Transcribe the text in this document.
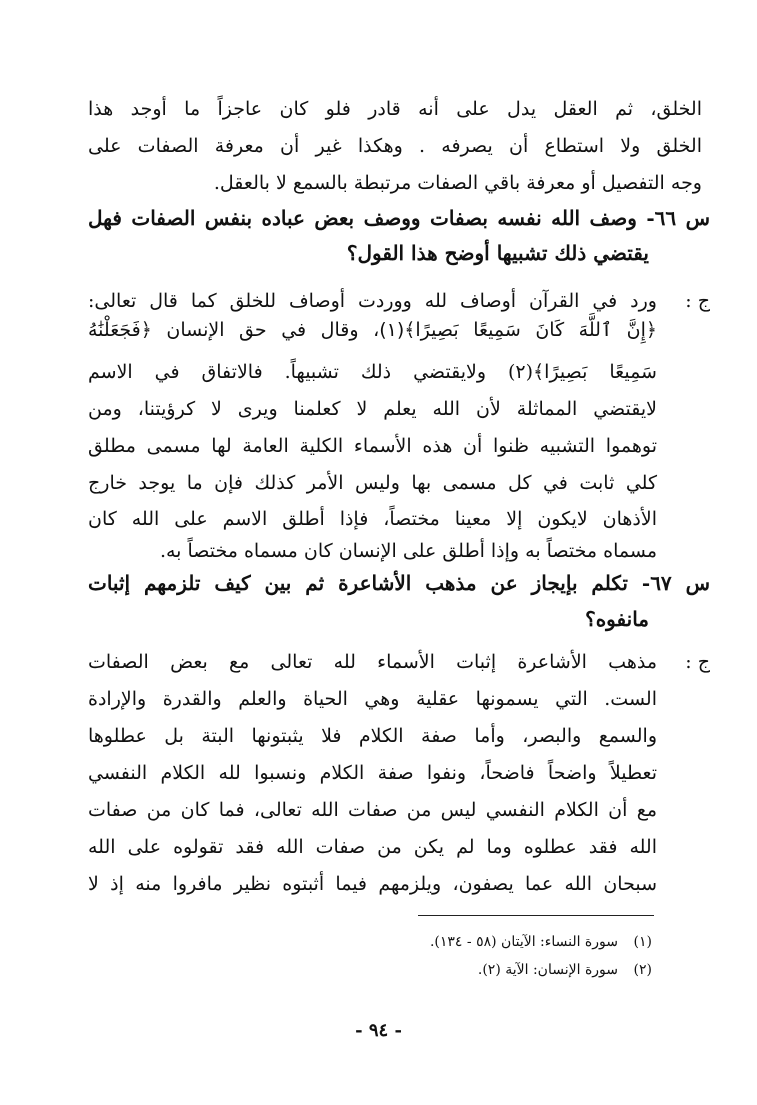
الخلق، ثم العقل يدل على أنه قادر فلو كان عاجزاً ما أوجد هذا
الخلق ولا استطاع أن يصرفه . وهكذا غير أن معرفة الصفات على
وجه التفصيل أو معرفة باقي الصفات مرتبطة بالسمع لا بالعقل.
س ٦٦- وصف الله نفسه بصفات ووصف بعض عباده بنفس الصفات فهل
يقتضي ذلك تشبيها أوضح هذا القول؟
ج :
ورد في القرآن أوصاف لله ووردت أوصاف للخلق كما قال تعالى:
﴿إِنَّ ٱللَّهَ كَانَ سَمِيعًا بَصِيرًا﴾(١)، وقال في حق الإنسان ﴿فَجَعَلْنَٰهُ
سَمِيعًا بَصِيرًا﴾(٢) ولايقتضي ذلك تشبيهاً. فالاتفاق في الاسم
لايقتضي المماثلة لأن الله يعلم لا كعلمنا ويرى لا كرؤيتنا، ومن
توهموا التشبيه ظنوا أن هذه الأسماء الكلية العامة لها مسمى مطلق
كلي ثابت في كل مسمى بها وليس الأمر كذلك فإن ما يوجد خارج
الأذهان لايكون إلا معينا مختصاً، فإذا أطلق الاسم على الله كان
مسماه مختصاً به وإذا أطلق على الإنسان كان مسماه مختصاً به.
س ٦٧- تكلم بإيجاز عن مذهب الأشاعرة ثم بين كيف تلزمهم إثبات
مانفوه؟
ج :
مذهب الأشاعرة إثبات الأسماء لله تعالى مع بعض الصفات
الست. التي يسمونها عقلية وهي الحياة والعلم والقدرة والإرادة
والسمع والبصر، وأما صفة الكلام فلا يثبتونها البتة بل عطلوها
تعطيلاً واضحاً فاضحاً، ونفوا صفة الكلام ونسبوا لله الكلام النفسي
مع أن الكلام النفسي ليس من صفات الله تعالى، فما كان من صفات
الله فقد عطلوه وما لم يكن من صفات الله فقد تقولوه على الله
سبحان الله عما يصفون، ويلزمهم فيما أثبتوه نظير مافروا منه إذ لا
(١)سورة النساء: الآيتان (٥٨ - ١٣٤).
(٢)سورة الإنسان: الآية (٢).
- ٩٤ -
